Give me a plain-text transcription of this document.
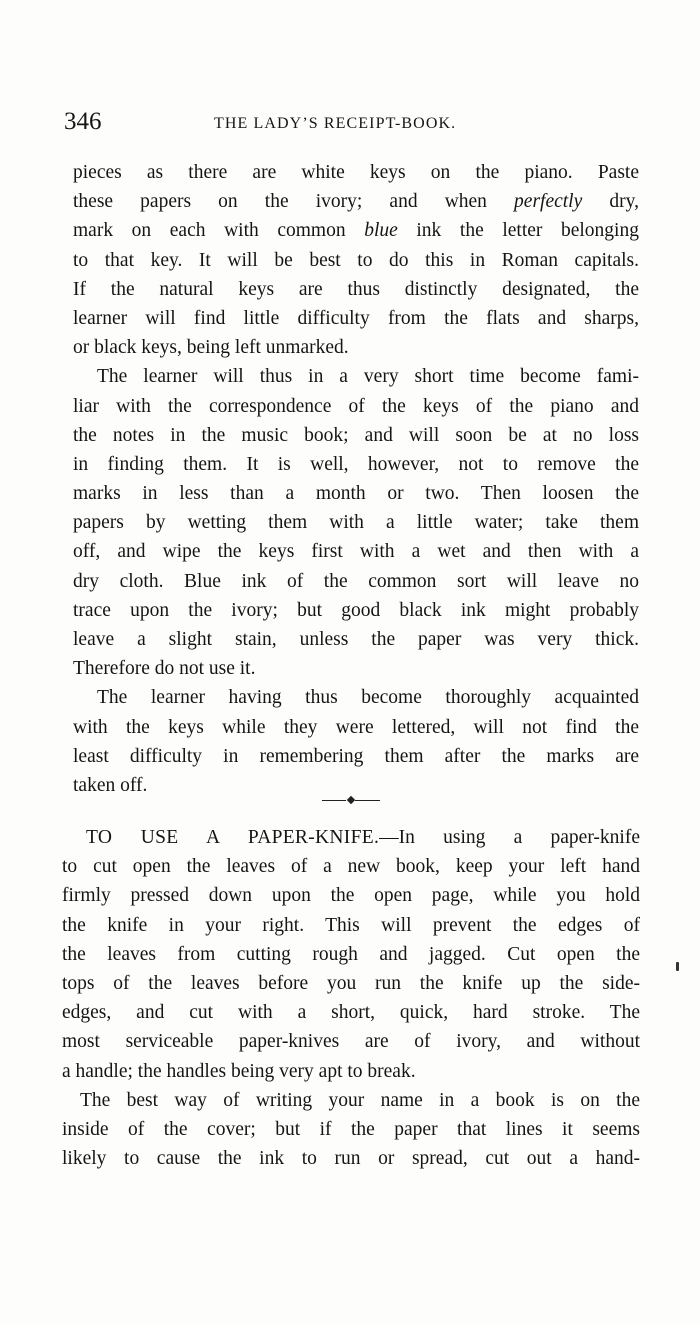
346	THE LADY’S RECEIPT-BOOK.
pieces as there are white keys on the piano. Paste
these papers on the ivory; and when perfectly dry,
mark on each with common blue ink the letter belonging
to that key. It will be best to do this in Roman capitals.
If the natural keys are thus distinctly designated, the
learner will find little difficulty from the flats and sharps,
or black keys, being left unmarked.
The learner will thus in a very short time become fami-
liar with the correspondence of the keys of the piano and
the notes in the music book; and will soon be at no loss
in finding them. It is well, however, not to remove the
marks in less than a month or two. Then loosen the
papers by wetting them with a little water; take them
off, and wipe the keys first with a wet and then with a
dry cloth. Blue ink of the common sort will leave no
trace upon the ivory; but good black ink might probably
leave a slight stain, unless the paper was very thick.
Therefore do not use it.
The learner having thus become thoroughly acquainted
with the keys while they were lettered, will not find the
least difficulty in remembering them after the marks are
taken off.
TO USE A PAPER-KNIFE.—In using a paper-knife
to cut open the leaves of a new book, keep your left hand
firmly pressed down upon the open page, while you hold
the knife in your right. This will prevent the edges of
the leaves from cutting rough and jagged. Cut open the
tops of the leaves before you run the knife up the side-
edges, and cut with a short, quick, hard stroke. The
most serviceable paper-knives are of ivory, and without
a handle; the handles being very apt to break.
The best way of writing your name in a book is on the
inside of the cover; but if the paper that lines it seems
likely to cause the ink to run or spread, cut out a hand-
